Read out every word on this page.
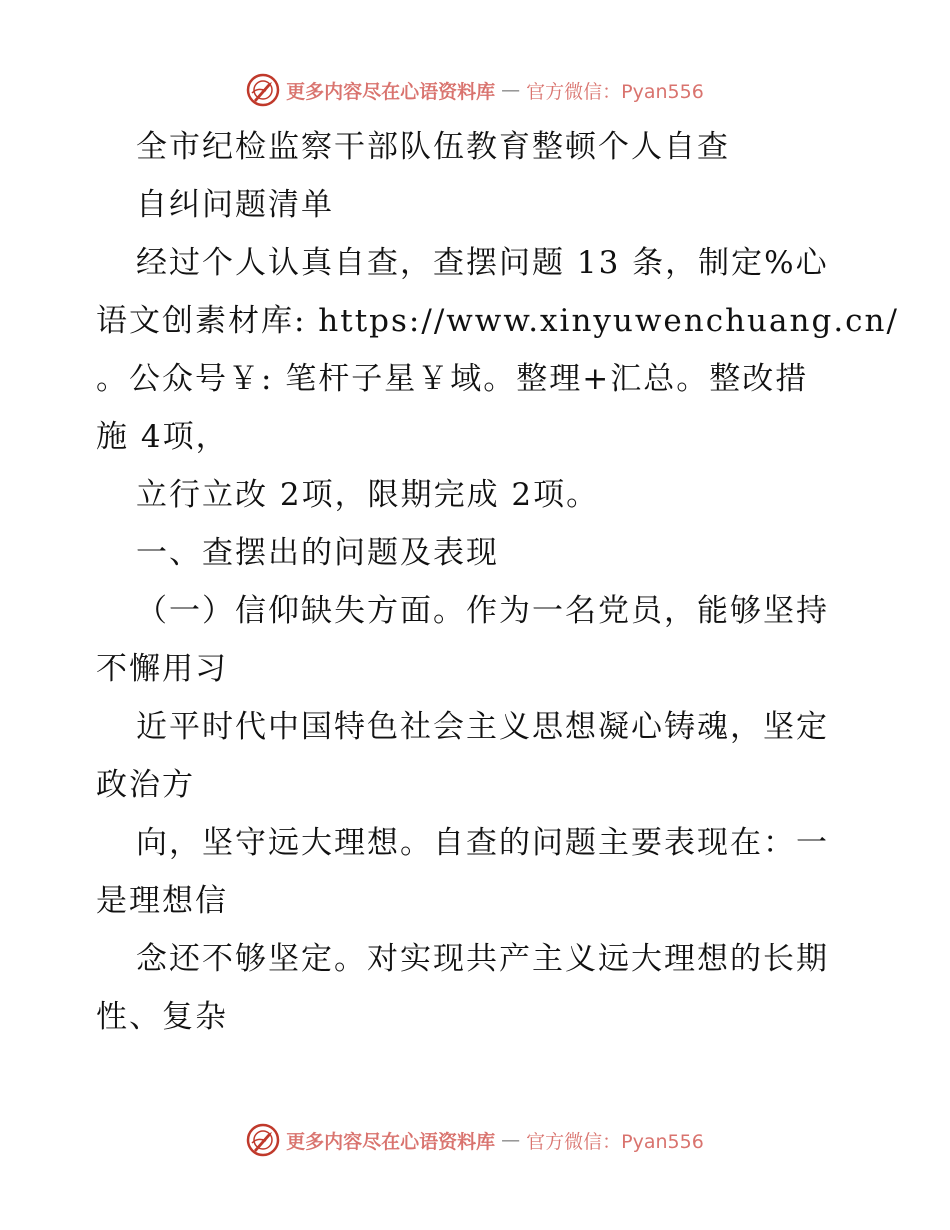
更多内容尽在心语资料库 — 官方微信：Pyan556
全市纪检监察干部队伍教育整顿个人自查
自纠问题清单
经过个人认真自查，查摆问题 13 条，制定%心
语文创素材库: https://www.xinyuwenchuang.cn/
。公众号￥: 笔杆子星￥域。整理+汇总。整改措
施 4项，
立行立改 2项，限期完成 2项。
一、查摆出的问题及表现
（一）信仰缺失方面。作为一名党员，能够坚持
不懈用习
近平时代中国特色社会主义思想凝心铸魂，坚定
政治方
向，坚守远大理想。自查的问题主要表现在：一
是理想信
念还不够坚定。对实现共产主义远大理想的长期
性、复杂
更多内容尽在心语资料库 — 官方微信：Pyan556
